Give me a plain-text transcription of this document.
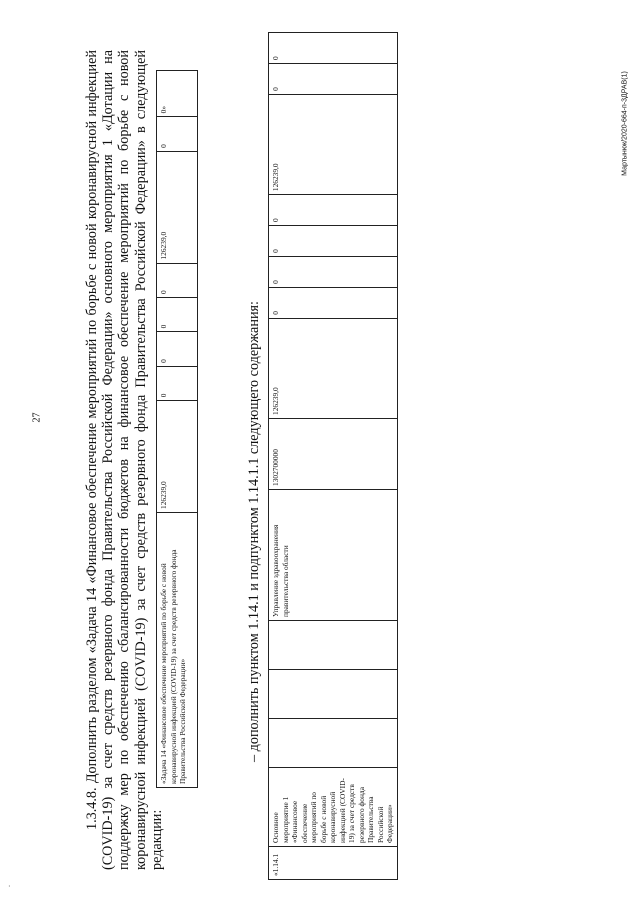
27
Мартынюк/2020-664-п-3ДРАВ(1)
·
1.3.4.8. Дополнить разделом «Задача 14 «Финансовое обеспечение мероприятий по борьбе с новой коронавирусной инфекцией (COVID-19) за счет средств резервного фонда Правительства Российской Федерации» основного мероприятия 1 «Дотации на поддержку мер по обеспечению сбалансированности бюджетов на финансовое обеспечение мероприятий по борьбе с новой коронавирусной инфекцией (COVID-19) за счет средств резервного фонда Правительства Российской Федерации» в следующей редакции:
«Задача 14 «Финансовое обеспечение мероприятий по борьбе с новой коронавирусной инфекцией (COVID-19) за счет средств резервного фонда Правительства Российской Федерации»	126239,0	0	0	0	0	126239,0	0	0»
– дополнить пунктом 1.14.1 и подпунктом 1.14.1.1 следующего содержания:
«1.14.1	Основное мероприятие 1 «Финансовое обеспечение мероприятий по борьбе с новой коронавирусной инфекцией (COVID-19) за счет средств резервного фонда Правительства Российской Федерации»				Управление здравоохранения правительства области	1302700000	126239,0	0	0	0	0	126239,0	0	0
